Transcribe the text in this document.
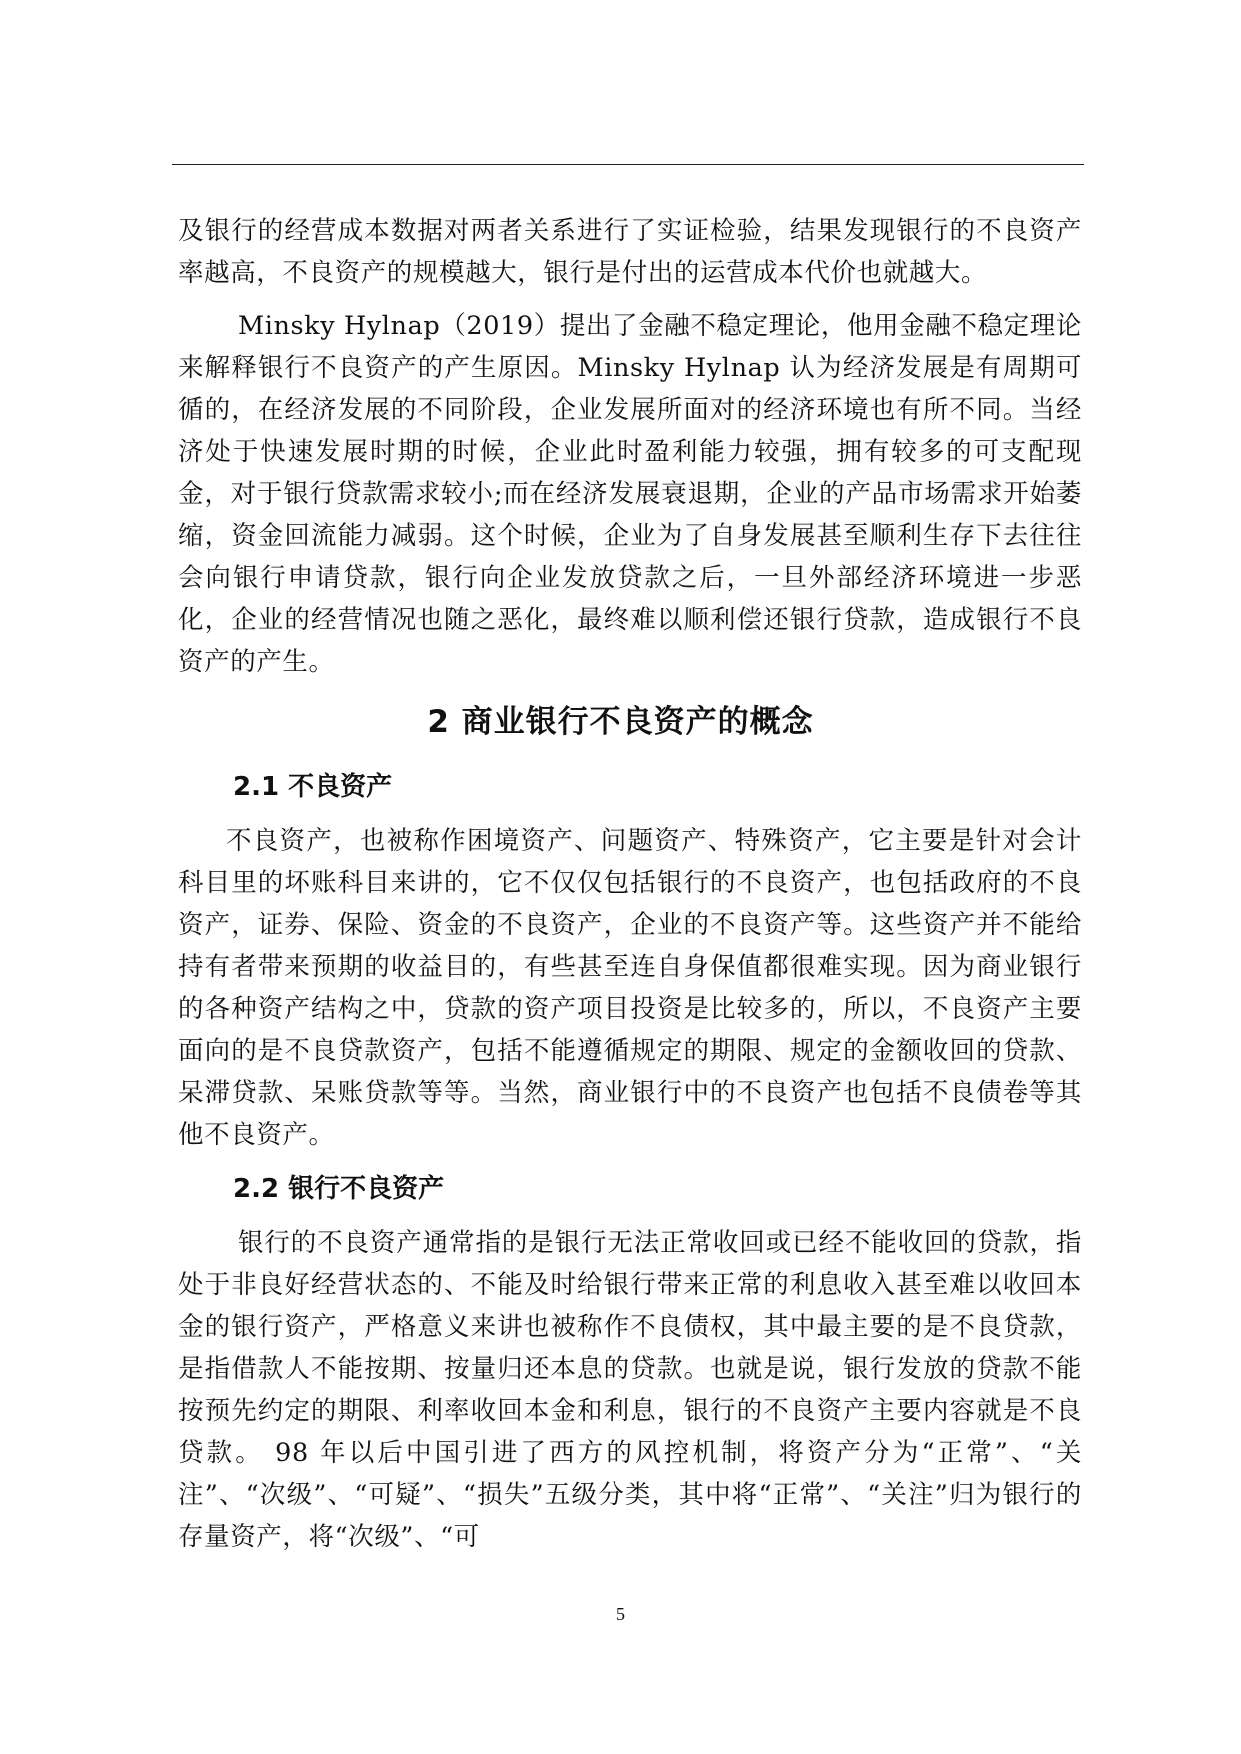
及银行的经营成本数据对两者关系进行了实证检验，结果发现银行的不良资产率越高，不良资产的规模越大，银行是付出的运营成本代价也就越大。

Minsky Hylnap（2019）提出了金融不稳定理论，他用金融不稳定理论来解释银行不良资产的产生原因。Minsky Hylnap 认为经济发展是有周期可循的，在经济发展的不同阶段，企业发展所面对的经济环境也有所不同。当经济处于快速发展时期的时候，企业此时盈利能力较强，拥有较多的可支配现金，对于银行贷款需求较小;而在经济发展衰退期，企业的产品市场需求开始萎缩，资金回流能力减弱。这个时候，企业为了自身发展甚至顺利生存下去往往会向银行申请贷款，银行向企业发放贷款之后，一旦外部经济环境进一步恶化，企业的经营情况也随之恶化，最终难以顺利偿还银行贷款，造成银行不良资产的产生。

2 商业银行不良资产的概念
2.1 不良资产

不良资产，也被称作困境资产、问题资产、特殊资产，它主要是针对会计科目里的坏账科目来讲的，它不仅仅包括银行的不良资产，也包括政府的不良资产，证券、保险、资金的不良资产，企业的不良资产等。这些资产并不能给持有者带来预期的收益目的，有些甚至连自身保值都很难实现。因为商业银行的各种资产结构之中，贷款的资产项目投资是比较多的，所以，不良资产主要面向的是不良贷款资产，包括不能遵循规定的期限、规定的金额收回的贷款、呆滞贷款、呆账贷款等等。当然，商业银行中的不良资产也包括不良债卷等其他不良资产。

2.2 银行不良资产

银行的不良资产通常指的是银行无法正常收回或已经不能收回的贷款，指处于非良好经营状态的、不能及时给银行带来正常的利息收入甚至难以收回本金的银行资产，严格意义来讲也被称作不良债权，其中最主要的是不良贷款，是指借款人不能按期、按量归还本息的贷款。也就是说，银行发放的贷款不能按预先约定的期限、利率收回本金和利息，银行的不良资产主要内容就是不良贷款。 98 年以后中国引进了西方的风控机制，将资产分为“正常”、“关注”、“次级”、“可疑”、“损失”五级分类，其中将“正常”、“关注”归为银行的存量资产，将“次级”、“可

5
